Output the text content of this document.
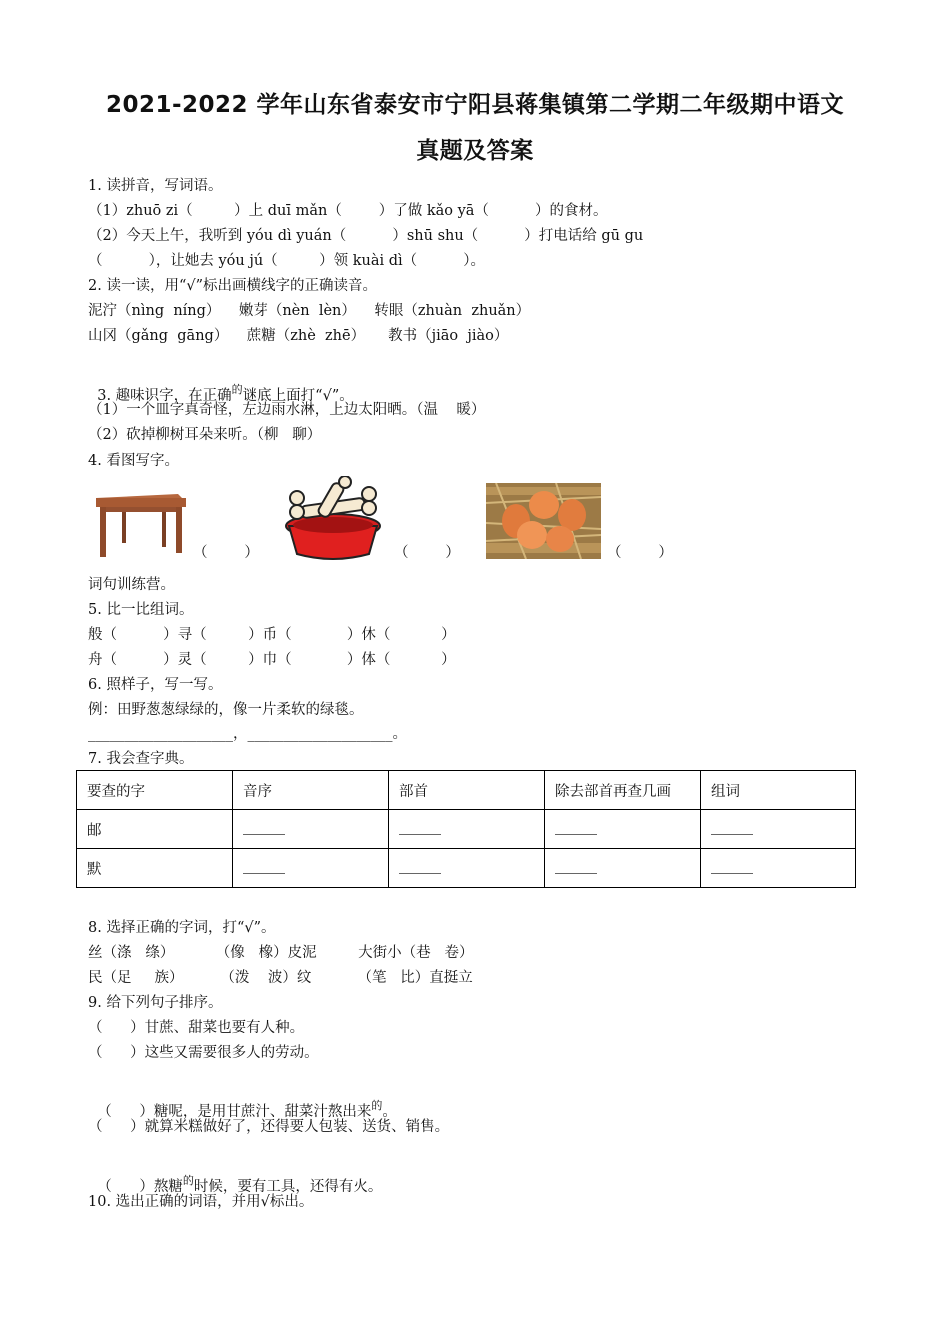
2021-2022 学年山东省泰安市宁阳县蒋集镇第二学期二年级期中语文
真题及答案
1. 读拼音，写词语。
（1）zhuō zi（         ）上 duī mǎn（        ）了做 kǎo yā（          ）的食材。
（2）今天上午，我听到 yóu dì yuán（          ）shū shu（          ）打电话给 gū gu
（          ），让她去 yóu jú（         ）领 kuài dì（          ）。
2. 读一读，用“√”标出画横线字的正确读音。
泥泞（nìng  níng）    嫩芽（nèn  lèn）    转眼（zhuàn  zhuǎn）
山冈（gǎng  gāng）    蔗糖（zhè  zhē）     教书（jiāo  jiào）

3. 趣味识字，在正确$^的$谜底上面打“√”。

（1）一个皿字真奇怪，左边雨水淋，上边太阳晒。（温    暖）
（2）砍掉柳树耳朵来听。（柳   聊）
4. 看图写字。
（        ）	（        ）	（        ）
词句训练营。
5. 比一比组词。
般（          ）寻（         ）币（            ）休（           ）
舟（          ）灵（         ）巾（            ）体（           ）
6. 照样子，写一写。
例：田野葱葱绿绿的，像一片柔软的绿毯。
____________________，____________________。
7. 我会查字典。
要查的字	音序	部首	除去部首再查几画	组词
邮				
默				
8. 选择正确的字词，打“√”。
丝（涤   绦）         （像   橡）皮泥         大街小（巷   卷）
民（足     族）        （泼    波）纹          （笔   比）直挺立
9. 给下列句子排序。
（      ）甘蔗、甜菜也要有人种。
（      ）这些又需要很多人的劳动。

（      ）糖呢，是用甘蔗汁、甜菜汁熬出来$^的$。

（      ）就算米糕做好了，还得要人包装、送货、销售。

（      ）熬糖$^的$时候，要有工具，还得有火。

10. 选出正确的词语，并用√标出。
